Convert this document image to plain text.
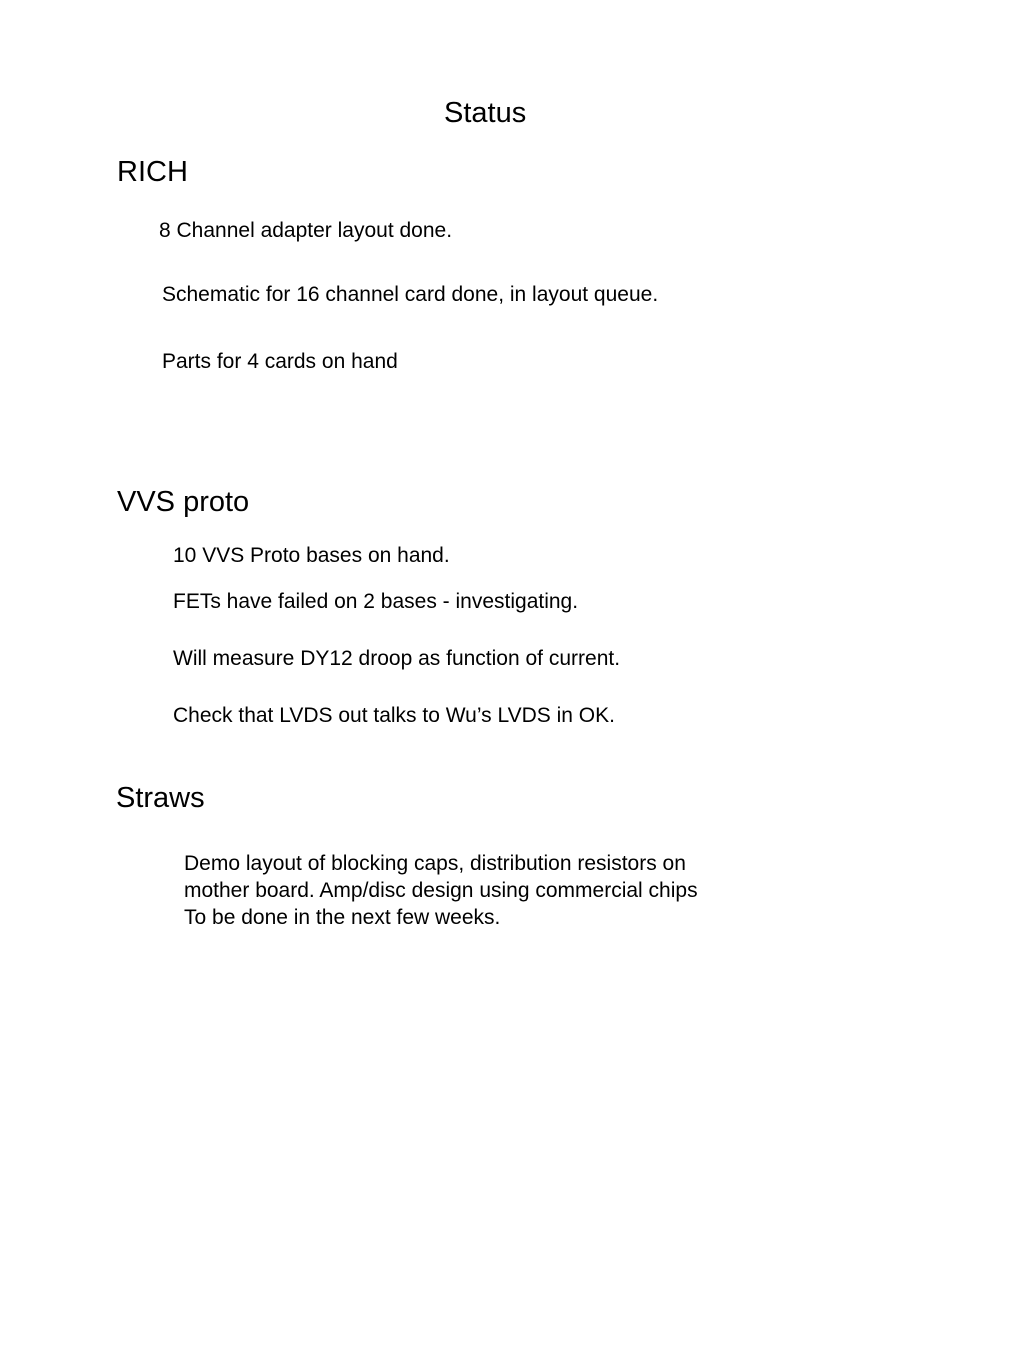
Status
RICH
8 Channel adapter layout done.
Schematic for 16 channel card done, in layout queue.
Parts for 4 cards on hand
VVS proto
10 VVS Proto bases on hand.
FETs have failed on 2 bases - investigating.
Will measure DY12 droop as function of current.
Check that LVDS out talks to Wu’s LVDS in OK.
Straws
Demo layout of blocking caps, distribution resistors on
mother board. Amp/disc design using commercial chips
To be done in the next few weeks.
